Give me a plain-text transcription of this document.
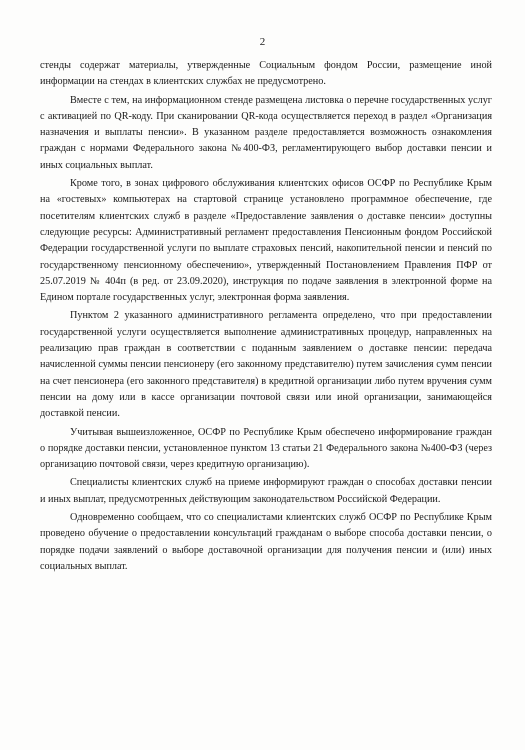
2

стенды содержат материалы, утвержденные Социальным фондом России, размещение иной информации на стендах в клиентских службах не предусмотрено.

Вместе с тем, на информационном стенде размещена листовка о перечне государственных услуг с активацией по QR-коду. При сканировании QR-кода осуществляется переход в раздел «Организация назначения и выплаты пенсии». В указанном разделе предоставляется возможность ознакомления граждан с нормами Федерального закона №400-ФЗ, регламентирующего выбор доставки пенсии и иных социальных выплат.

Кроме того, в зонах цифрового обслуживания клиентских офисов ОСФР по Республике Крым на «гостевых» компьютерах на стартовой странице установлено программное обеспечение, где посетителям клиентских служб в разделе «Предоставление заявления о доставке пенсии» доступны следующие ресурсы: Административный регламент предоставления Пенсионным фондом Российской Федерации государственной услуги по выплате страховых пенсий, накопительной пенсии и пенсий по государственному пенсионному обеспечению», утвержденный Постановлением Правления ПФР от 25.07.2019 № 404п (в ред. от 23.09.2020), инструкция по подаче заявления в электронной форме на Едином портале государственных услуг, электронная форма заявления.

Пунктом 2 указанного административного регламента определено, что при предоставлении государственной услуги осуществляется выполнение административных процедур, направленных на реализацию прав граждан в соответствии с поданным заявлением о доставке пенсии: передача начисленной суммы пенсии пенсионеру (его законному представителю) путем зачисления сумм пенсии на счет пенсионера (его законного представителя) в кредитной организации либо путем вручения сумм пенсии на дому или в кассе организации почтовой связи или иной организации, занимающейся доставкой пенсии.

Учитывая вышеизложенное, ОСФР по Республике Крым обеспечено информирование граждан о порядке доставки пенсии, установленное пунктом 13 статьи 21 Федерального закона №400-ФЗ (через организацию почтовой связи, через кредитную организацию).

Специалисты клиентских служб на приеме информируют граждан о способах доставки пенсии и иных выплат, предусмотренных действующим законодательством Российской Федерации.

Одновременно сообщаем, что со специалистами клиентских служб ОСФР по Республике Крым проведено обучение о предоставлении консультаций гражданам о выборе способа доставки пенсии, о порядке подачи заявлений о выборе доставочной организации для получения пенсии и (или) иных социальных выплат.
